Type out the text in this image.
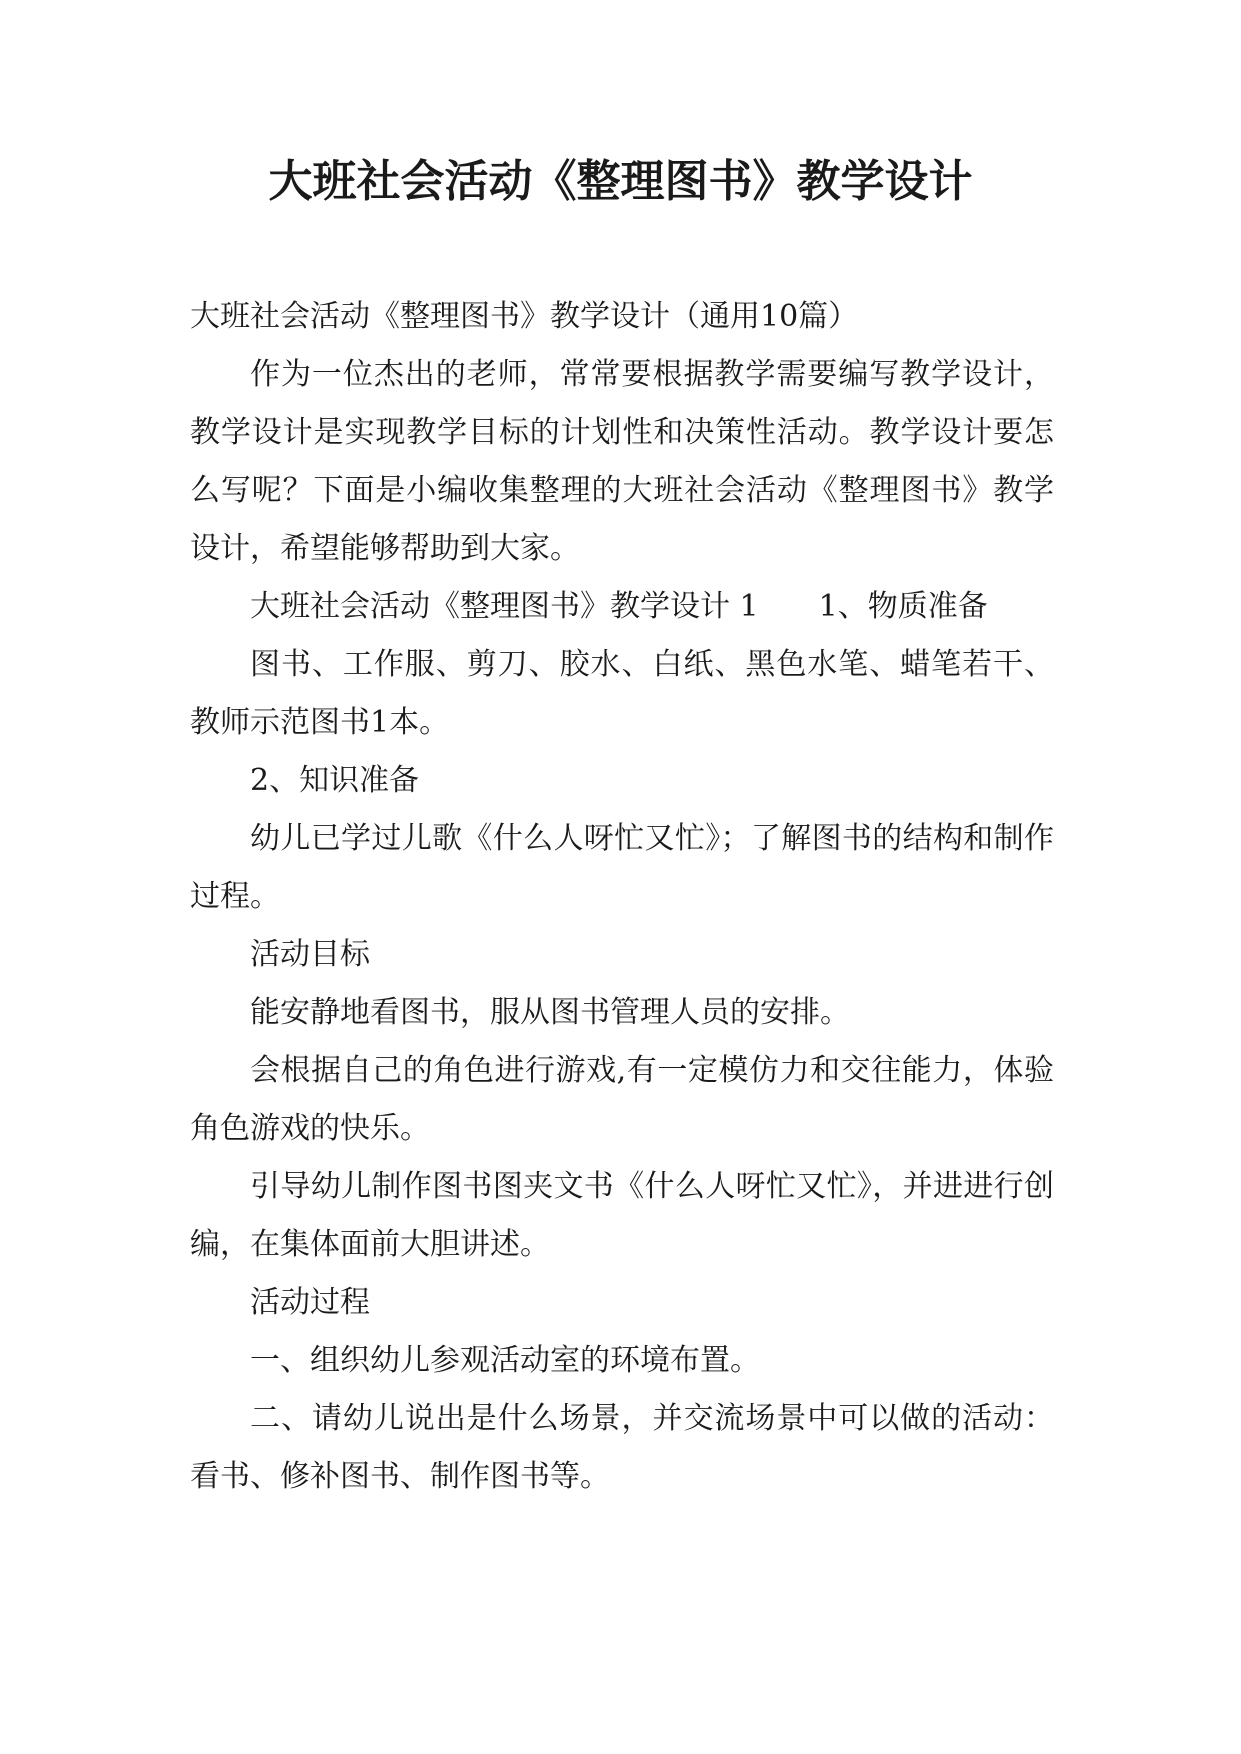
大班社会活动《整理图书》教学设计

大班社会活动《整理图书》教学设计（通用10篇）

作为一位杰出的老师，常常要根据教学需要编写教学设计，教学设计是实现教学目标的计划性和决策性活动。教学设计要怎么写呢？下面是小编收集整理的大班社会活动《整理图书》教学设计，希望能够帮助到大家。

大班社会活动《整理图书》教学设计 1　　1、物质准备

图书、工作服、剪刀、胶水、白纸、黑色水笔、蜡笔若干、教师示范图书1本。

2、知识准备

幼儿已学过儿歌《什么人呀忙又忙》；了解图书的结构和制作过程。

活动目标

能安静地看图书，服从图书管理人员的安排。

会根据自己的角色进行游戏,有一定模仿力和交往能力，体验角色游戏的快乐。

引导幼儿制作图书图夹文书《什么人呀忙又忙》，并进进行创编，在集体面前大胆讲述。

活动过程

一、组织幼儿参观活动室的环境布置。

二、请幼儿说出是什么场景，并交流场景中可以做的活动：看书、修补图书、制作图书等。
